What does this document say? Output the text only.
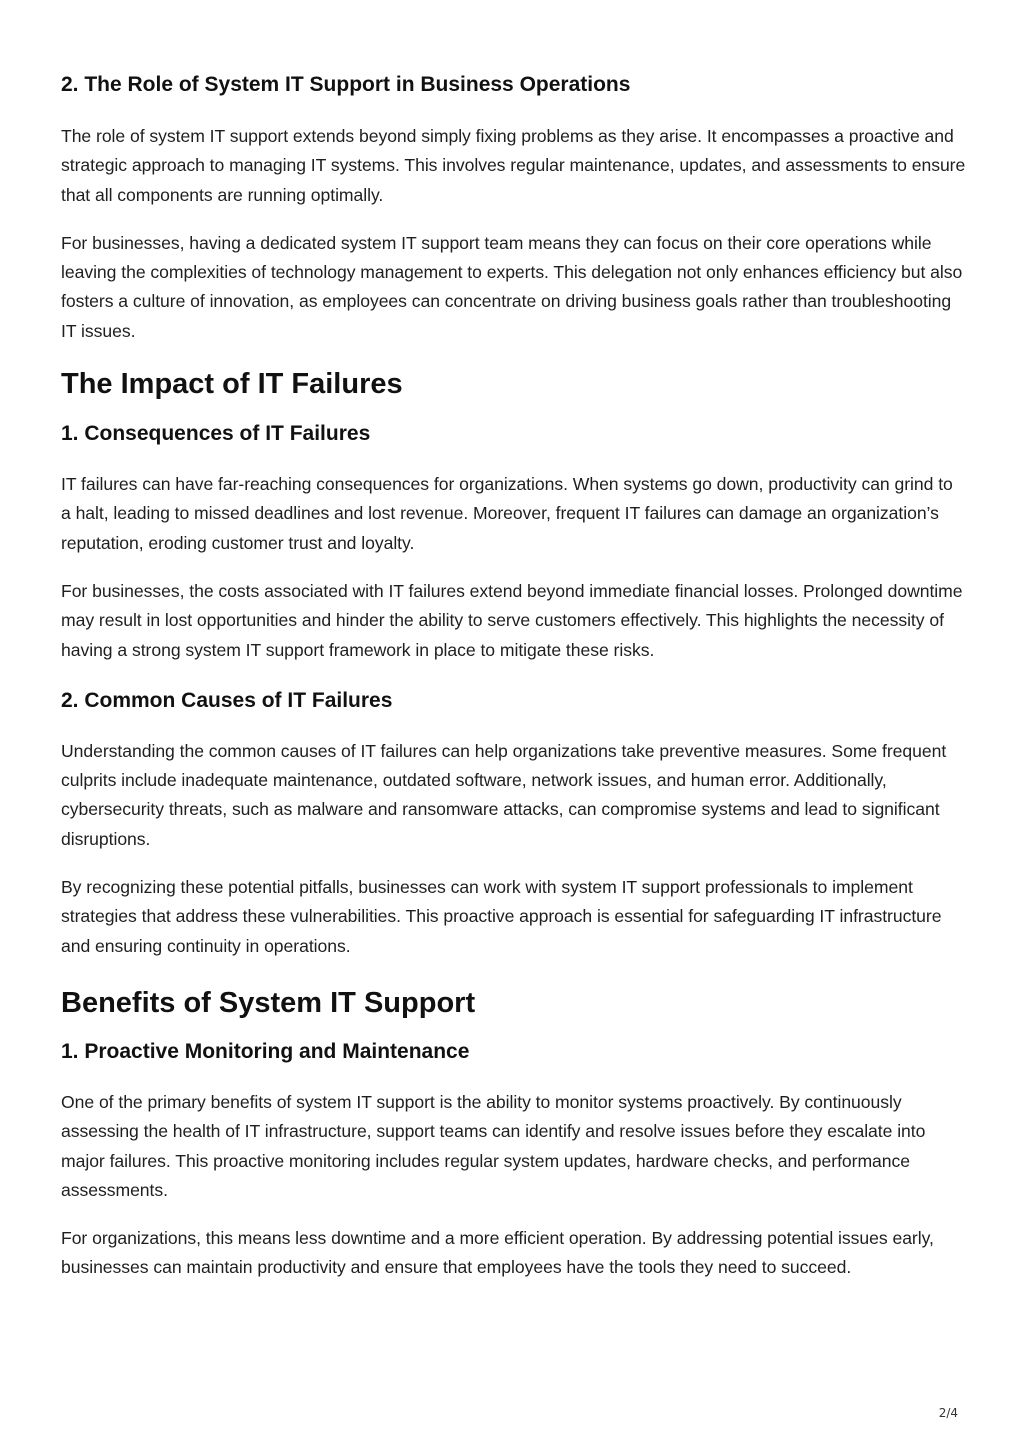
2. The Role of System IT Support in Business Operations

The role of system IT support extends beyond simply fixing problems as they arise. It encompasses a proactive and strategic approach to managing IT systems. This involves regular maintenance, updates, and assessments to ensure that all components are running optimally.

For businesses, having a dedicated system IT support team means they can focus on their core operations while leaving the complexities of technology management to experts. This delegation not only enhances efficiency but also fosters a culture of innovation, as employees can concentrate on driving business goals rather than troubleshooting IT issues.

The Impact of IT Failures
1. Consequences of IT Failures

IT failures can have far-reaching consequences for organizations. When systems go down, productivity can grind to a halt, leading to missed deadlines and lost revenue. Moreover, frequent IT failures can damage an organization’s reputation, eroding customer trust and loyalty.

For businesses, the costs associated with IT failures extend beyond immediate financial losses. Prolonged downtime may result in lost opportunities and hinder the ability to serve customers effectively. This highlights the necessity of having a strong system IT support framework in place to mitigate these risks.

2. Common Causes of IT Failures

Understanding the common causes of IT failures can help organizations take preventive measures. Some frequent culprits include inadequate maintenance, outdated software, network issues, and human error. Additionally, cybersecurity threats, such as malware and ransomware attacks, can compromise systems and lead to significant disruptions.

By recognizing these potential pitfalls, businesses can work with system IT support professionals to implement strategies that address these vulnerabilities. This proactive approach is essential for safeguarding IT infrastructure and ensuring continuity in operations.

Benefits of System IT Support
1. Proactive Monitoring and Maintenance

One of the primary benefits of system IT support is the ability to monitor systems proactively. By continuously assessing the health of IT infrastructure, support teams can identify and resolve issues before they escalate into major failures. This proactive monitoring includes regular system updates, hardware checks, and performance assessments.

For organizations, this means less downtime and a more efficient operation. By addressing potential issues early, businesses can maintain productivity and ensure that employees have the tools they need to succeed.

2/4
